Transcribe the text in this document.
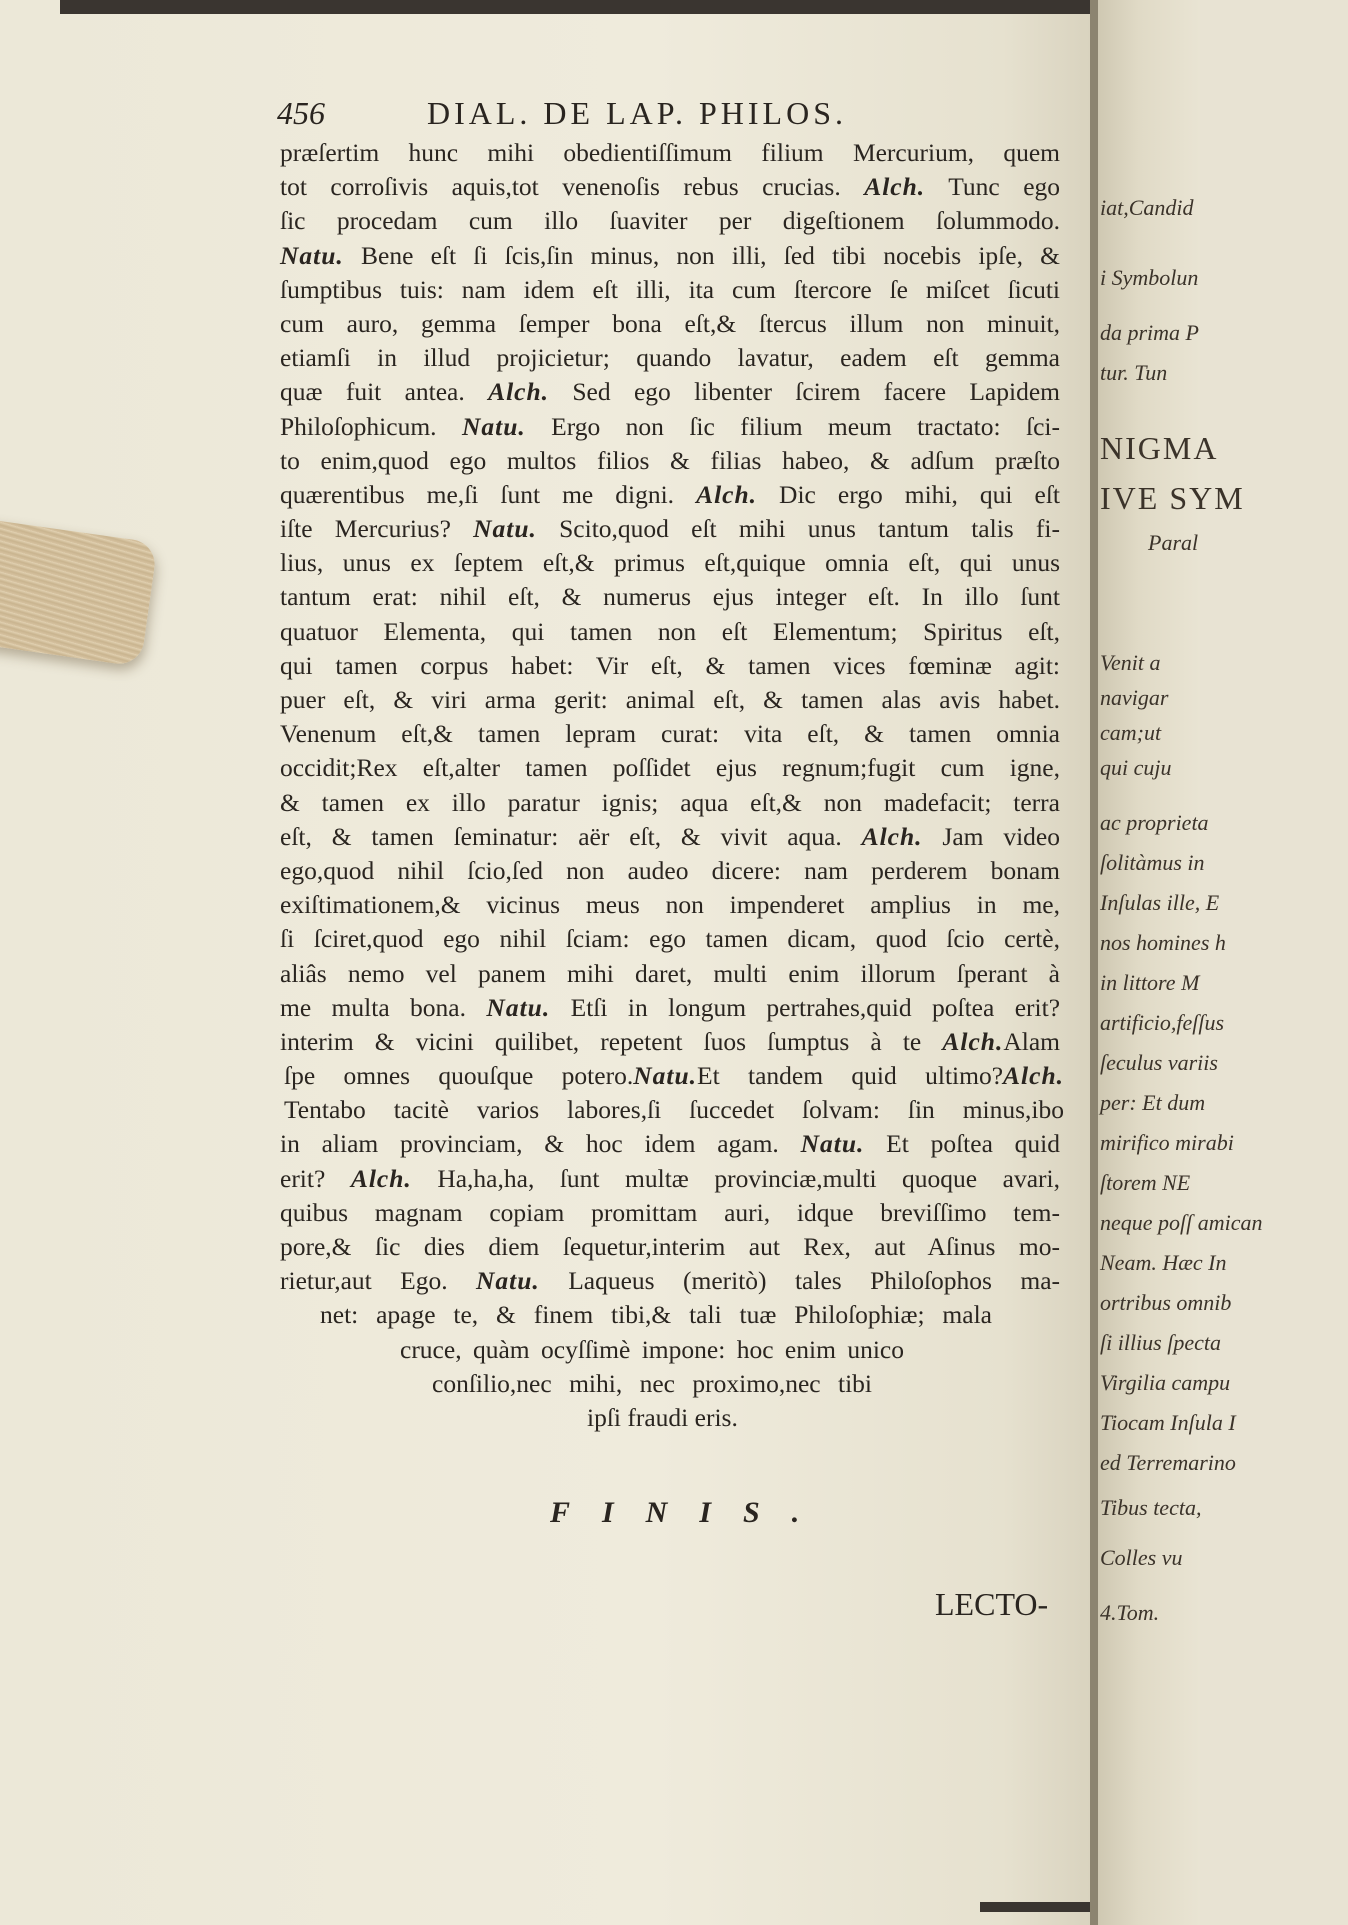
456	DIAL. DE LAP. PHILOS.
præſertim hunc mihi obedientiſſimum filium Mercurium, quem
tot corroſivis aquis,tot venenoſis rebus crucias. Alch. Tunc ego
ſic procedam cum illo ſuaviter per digeſtionem ſolummodo.
Natu. Bene eſt ſi ſcis,ſin minus, non illi, ſed tibi nocebis ipſe, &
ſumptibus tuis: nam idem eſt illi, ita cum ſtercore ſe miſcet ſicuti
cum auro, gemma ſemper bona eſt,& ſtercus illum non minuit,
etiamſi in illud projicietur; quando lavatur, eadem eſt gemma
quæ fuit antea. Alch. Sed ego libenter ſcirem facere Lapidem
Philoſophicum. Natu. Ergo non ſic filium meum tractato: ſci-
to enim,quod ego multos filios & filias habeo, & adſum præſto
quærentibus me,ſi ſunt me digni. Alch. Dic ergo mihi, qui eſt
iſte Mercurius? Natu. Scito,quod eſt mihi unus tantum talis fi-
lius, unus ex ſeptem eſt,& primus eſt,quique omnia eſt, qui unus
tantum erat: nihil eſt, & numerus ejus integer eſt. In illo ſunt
quatuor Elementa, qui tamen non eſt Elementum; Spiritus eſt,
qui tamen corpus habet: Vir eſt, & tamen vices fœminæ agit:
puer eſt, & viri arma gerit: animal eſt, & tamen alas avis habet.
Venenum eſt,& tamen lepram curat: vita eſt, & tamen omnia
occidit;Rex eſt,alter tamen poſſidet ejus regnum;fugit cum igne,
& tamen ex illo paratur ignis; aqua eſt,& non madefacit; terra
eſt, & tamen ſeminatur: aër eſt, & vivit aqua. Alch. Jam video
ego,quod nihil ſcio,ſed non audeo dicere: nam perderem bonam
exiſtimationem,& vicinus meus non impenderet amplius in me,
ſi ſciret,quod ego nihil ſciam: ego tamen dicam, quod ſcio certè,
aliâs nemo vel panem mihi daret, multi enim illorum ſperant à
me multa bona. Natu. Etſi in longum pertrahes,quid poſtea erit?
interim & vicini quilibet, repetent ſuos ſumptus à te Alch.Alam
ſpe omnes quouſque potero.Natu.Et tandem quid ultimo?Alch.
Tentabo tacitè varios labores,ſi ſuccedet ſolvam: ſin minus,ibo
in aliam provinciam, & hoc idem agam. Natu. Et poſtea quid
erit? Alch. Ha,ha,ha, ſunt multæ provinciæ,multi quoque avari,
quibus magnam copiam promittam auri, idque breviſſimo tem-
pore,& ſic dies diem ſequetur,interim aut Rex, aut Aſinus mo-
rietur,aut Ego. Natu. Laqueus (meritò) tales Philoſophos ma-
net: apage te, & finem tibi,& tali tuæ Philoſophiæ; mala
cruce, quàm ocyſſimè impone: hoc enim unico
conſilio,nec mihi, nec proximo,nec tibi
ipſi fraudi eris.
FINIS.
LECTO-
iat,Candid
i Symbolun
da prima P
tur. Tun
NIGMA
IVE SYM
Paral
Venit a
navigar
cam;ut
qui cuju
ac proprieta
ſolitàmus in
Inſulas ille, E
nos homines h
in littore M
artificio,feſſus
ſeculus variis
per: Et dum
mirifico mirabi
ſtorem NE
neque poſſ amican
Neam. Hæc In
ortribus omnib
ſi illius ſpecta
Virgilia campu
Tiocam Inſula I
ed Terremarino
Tibus tecta,
Colles vu
4.Tom.
